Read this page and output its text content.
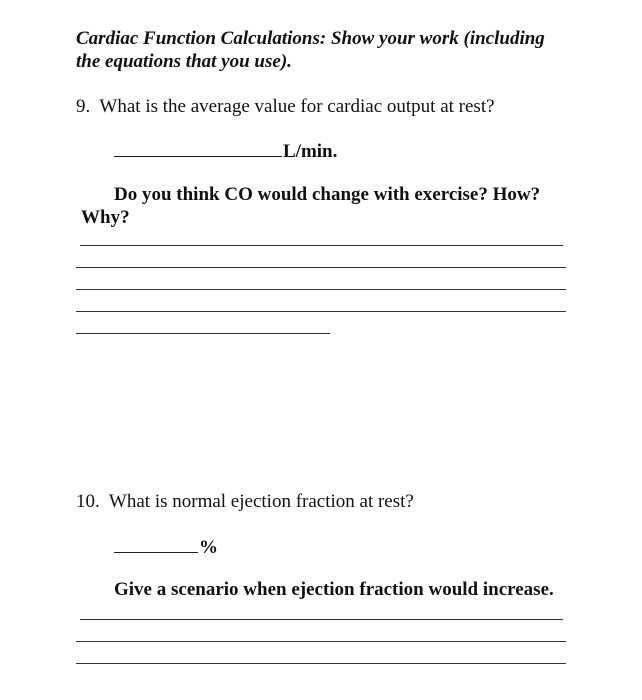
Cardiac Function Calculations: Show your work (including
the equations that you use).
9. What is the average value for cardiac output at rest?
L/min.
Do you think CO would change with exercise? How?
Why?
10. What is normal ejection fraction at rest?
%
Give a scenario when ejection fraction would increase.
